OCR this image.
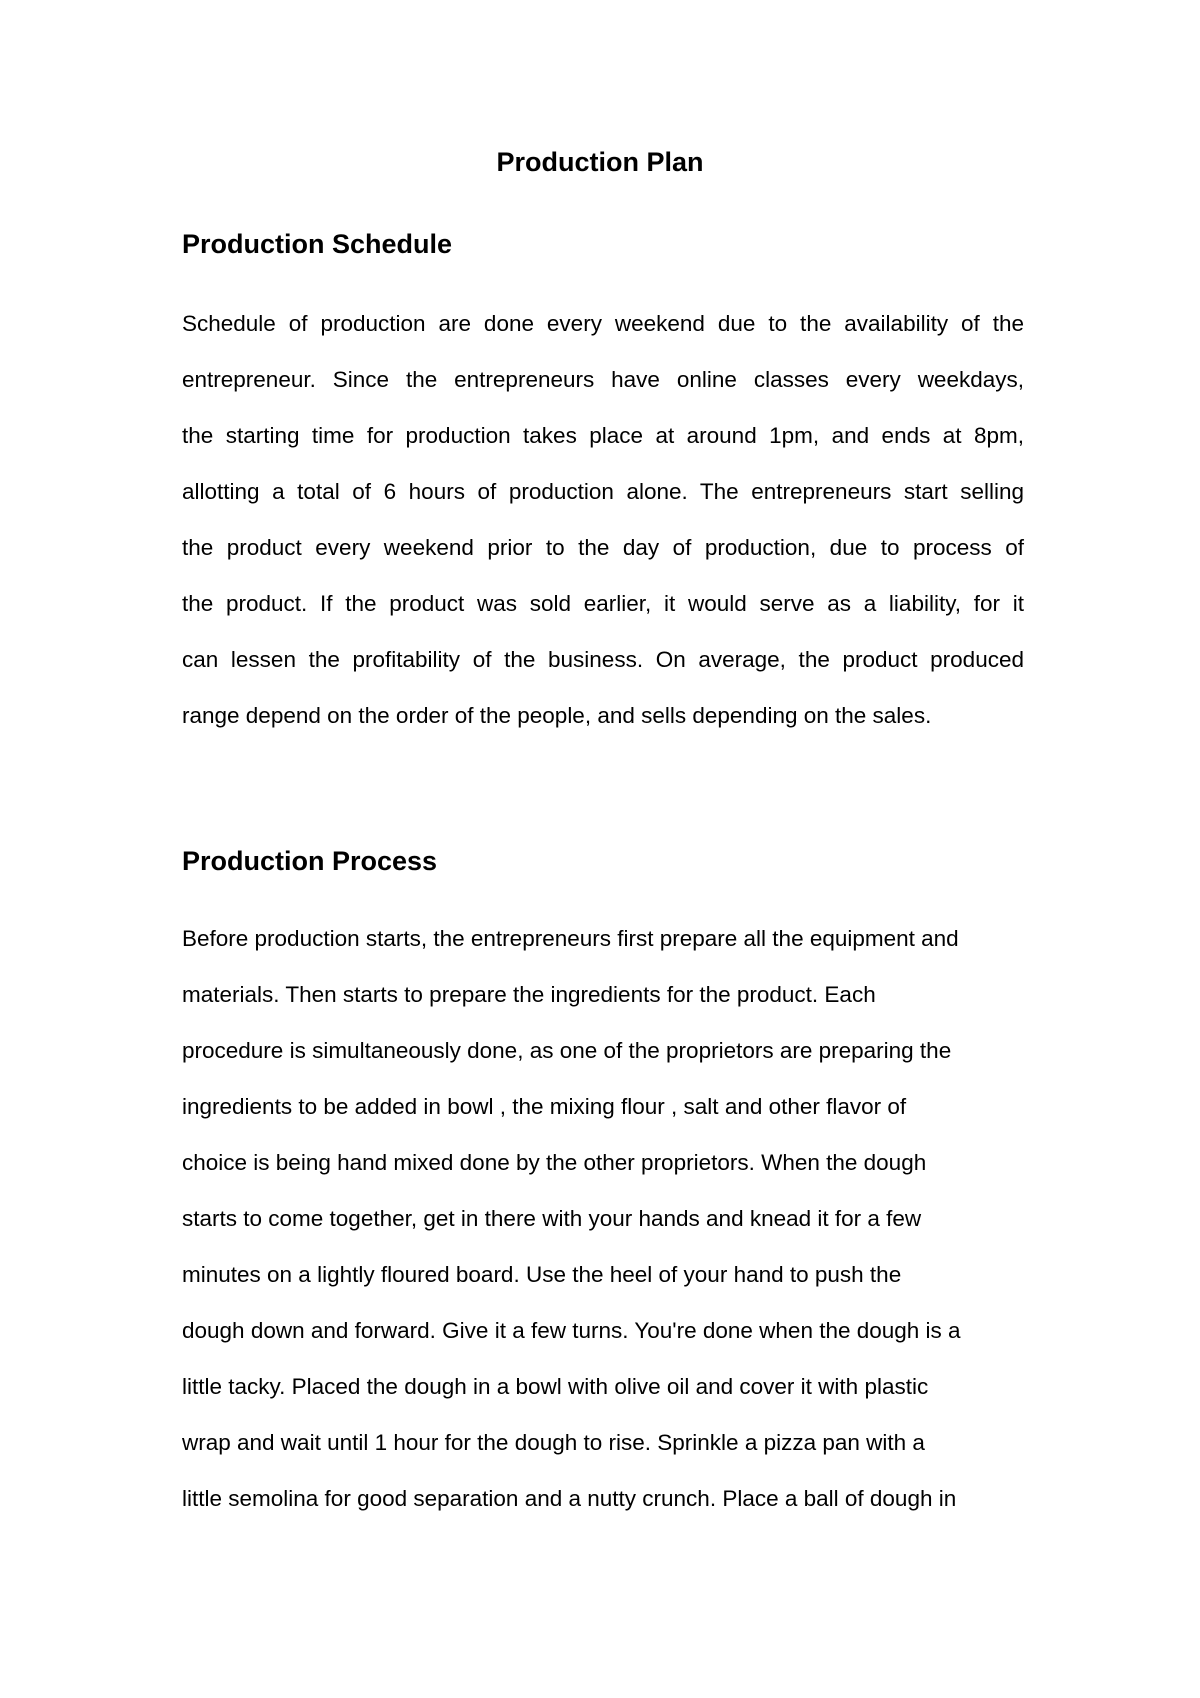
Production Plan
Production Schedule
Schedule of production are done every weekend due to the availability of the
entrepreneur. Since the entrepreneurs have online classes every weekdays,
the starting time for production takes place at around 1pm, and ends at 8pm,
allotting a total of 6 hours of production alone. The entrepreneurs start selling
the product every weekend prior to the day of production, due to process of
the product. If the product was sold earlier, it would serve as a liability, for it
can lessen the profitability of the business. On average, the product produced
range depend on the order of the people, and sells depending on the sales.
Production Process
Before production starts, the entrepreneurs first prepare all the equipment and
materials. Then starts to prepare the ingredients for the product. Each
procedure is simultaneously done, as one of the proprietors are preparing the
ingredients to be added in bowl , the mixing flour , salt and other flavor of
choice is being hand mixed done by the other proprietors. When the dough
starts to come together, get in there with your hands and knead it for a few
minutes on a lightly floured board. Use the heel of your hand to push the
dough down and forward. Give it a few turns. You're done when the dough is a
little tacky. Placed the dough in a bowl with olive oil and cover it with plastic
wrap and wait until 1 hour for the dough to rise. Sprinkle a pizza pan with a
little semolina for good separation and a nutty crunch. Place a ball of dough in
